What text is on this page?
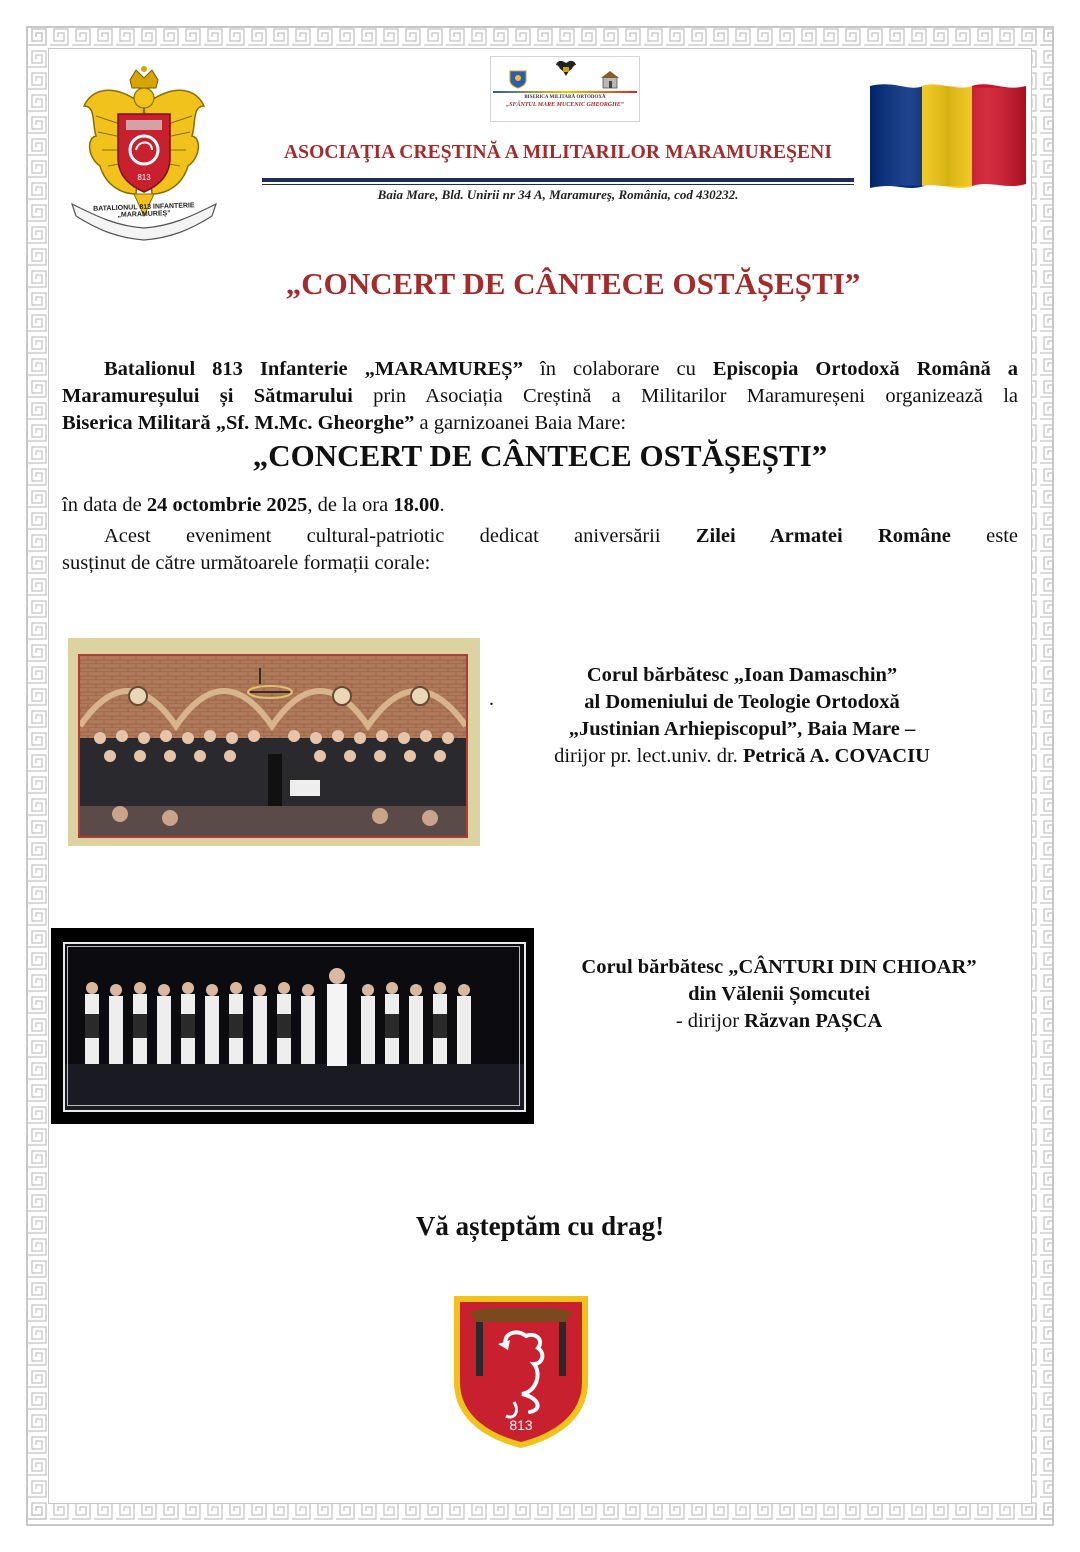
813
BATALIONUL 813 INFANTERIE „MARAMUREȘ”
BISERICA MILITARĂ ORTODOXĂ
„SFÂNTUL MARE MUCENIC GHEORGHE”
ASOCIAŢIA CREŞTINĂ A MILITARILOR MARAMUREŞENI
Baia Mare, Bld. Unirii nr 34 A, Maramureş, România, cod 430232.
„CONCERT DE CÂNTECE OSTĂȘEȘTI”
Batalionul 813 Infanterie „MARAMUREȘ” în colaborare cu Episcopia Ortodoxă Română a
Maramureșului și Sătmarului prin Asociația Creștină a Militarilor Maramureșeni organizează la
Biserica Militară „Sf. M.Mc. Gheorghe” a garnizoanei Baia Mare:
„CONCERT DE CÂNTECE OSTĂȘEȘTI”
în data de 24 octombrie 2025, de la ora 18.00.
Acest eveniment cultural-patriotic dedicat aniversării Zilei Armatei Române este
susținut de către următoarele formații corale:
.
Corul bărbătesc „Ioan Damaschin”
al Domeniului de Teologie Ortodoxă
„Justinian Arhiepiscopul”, Baia Mare –
dirijor pr. lect.univ. dr. Petrică A. COVACIU
Corul bărbătesc „CÂNTURI DIN CHIOAR”
din Vălenii Șomcutei
- dirijor Răzvan PAȘCA
Vă așteptăm cu drag!
813
